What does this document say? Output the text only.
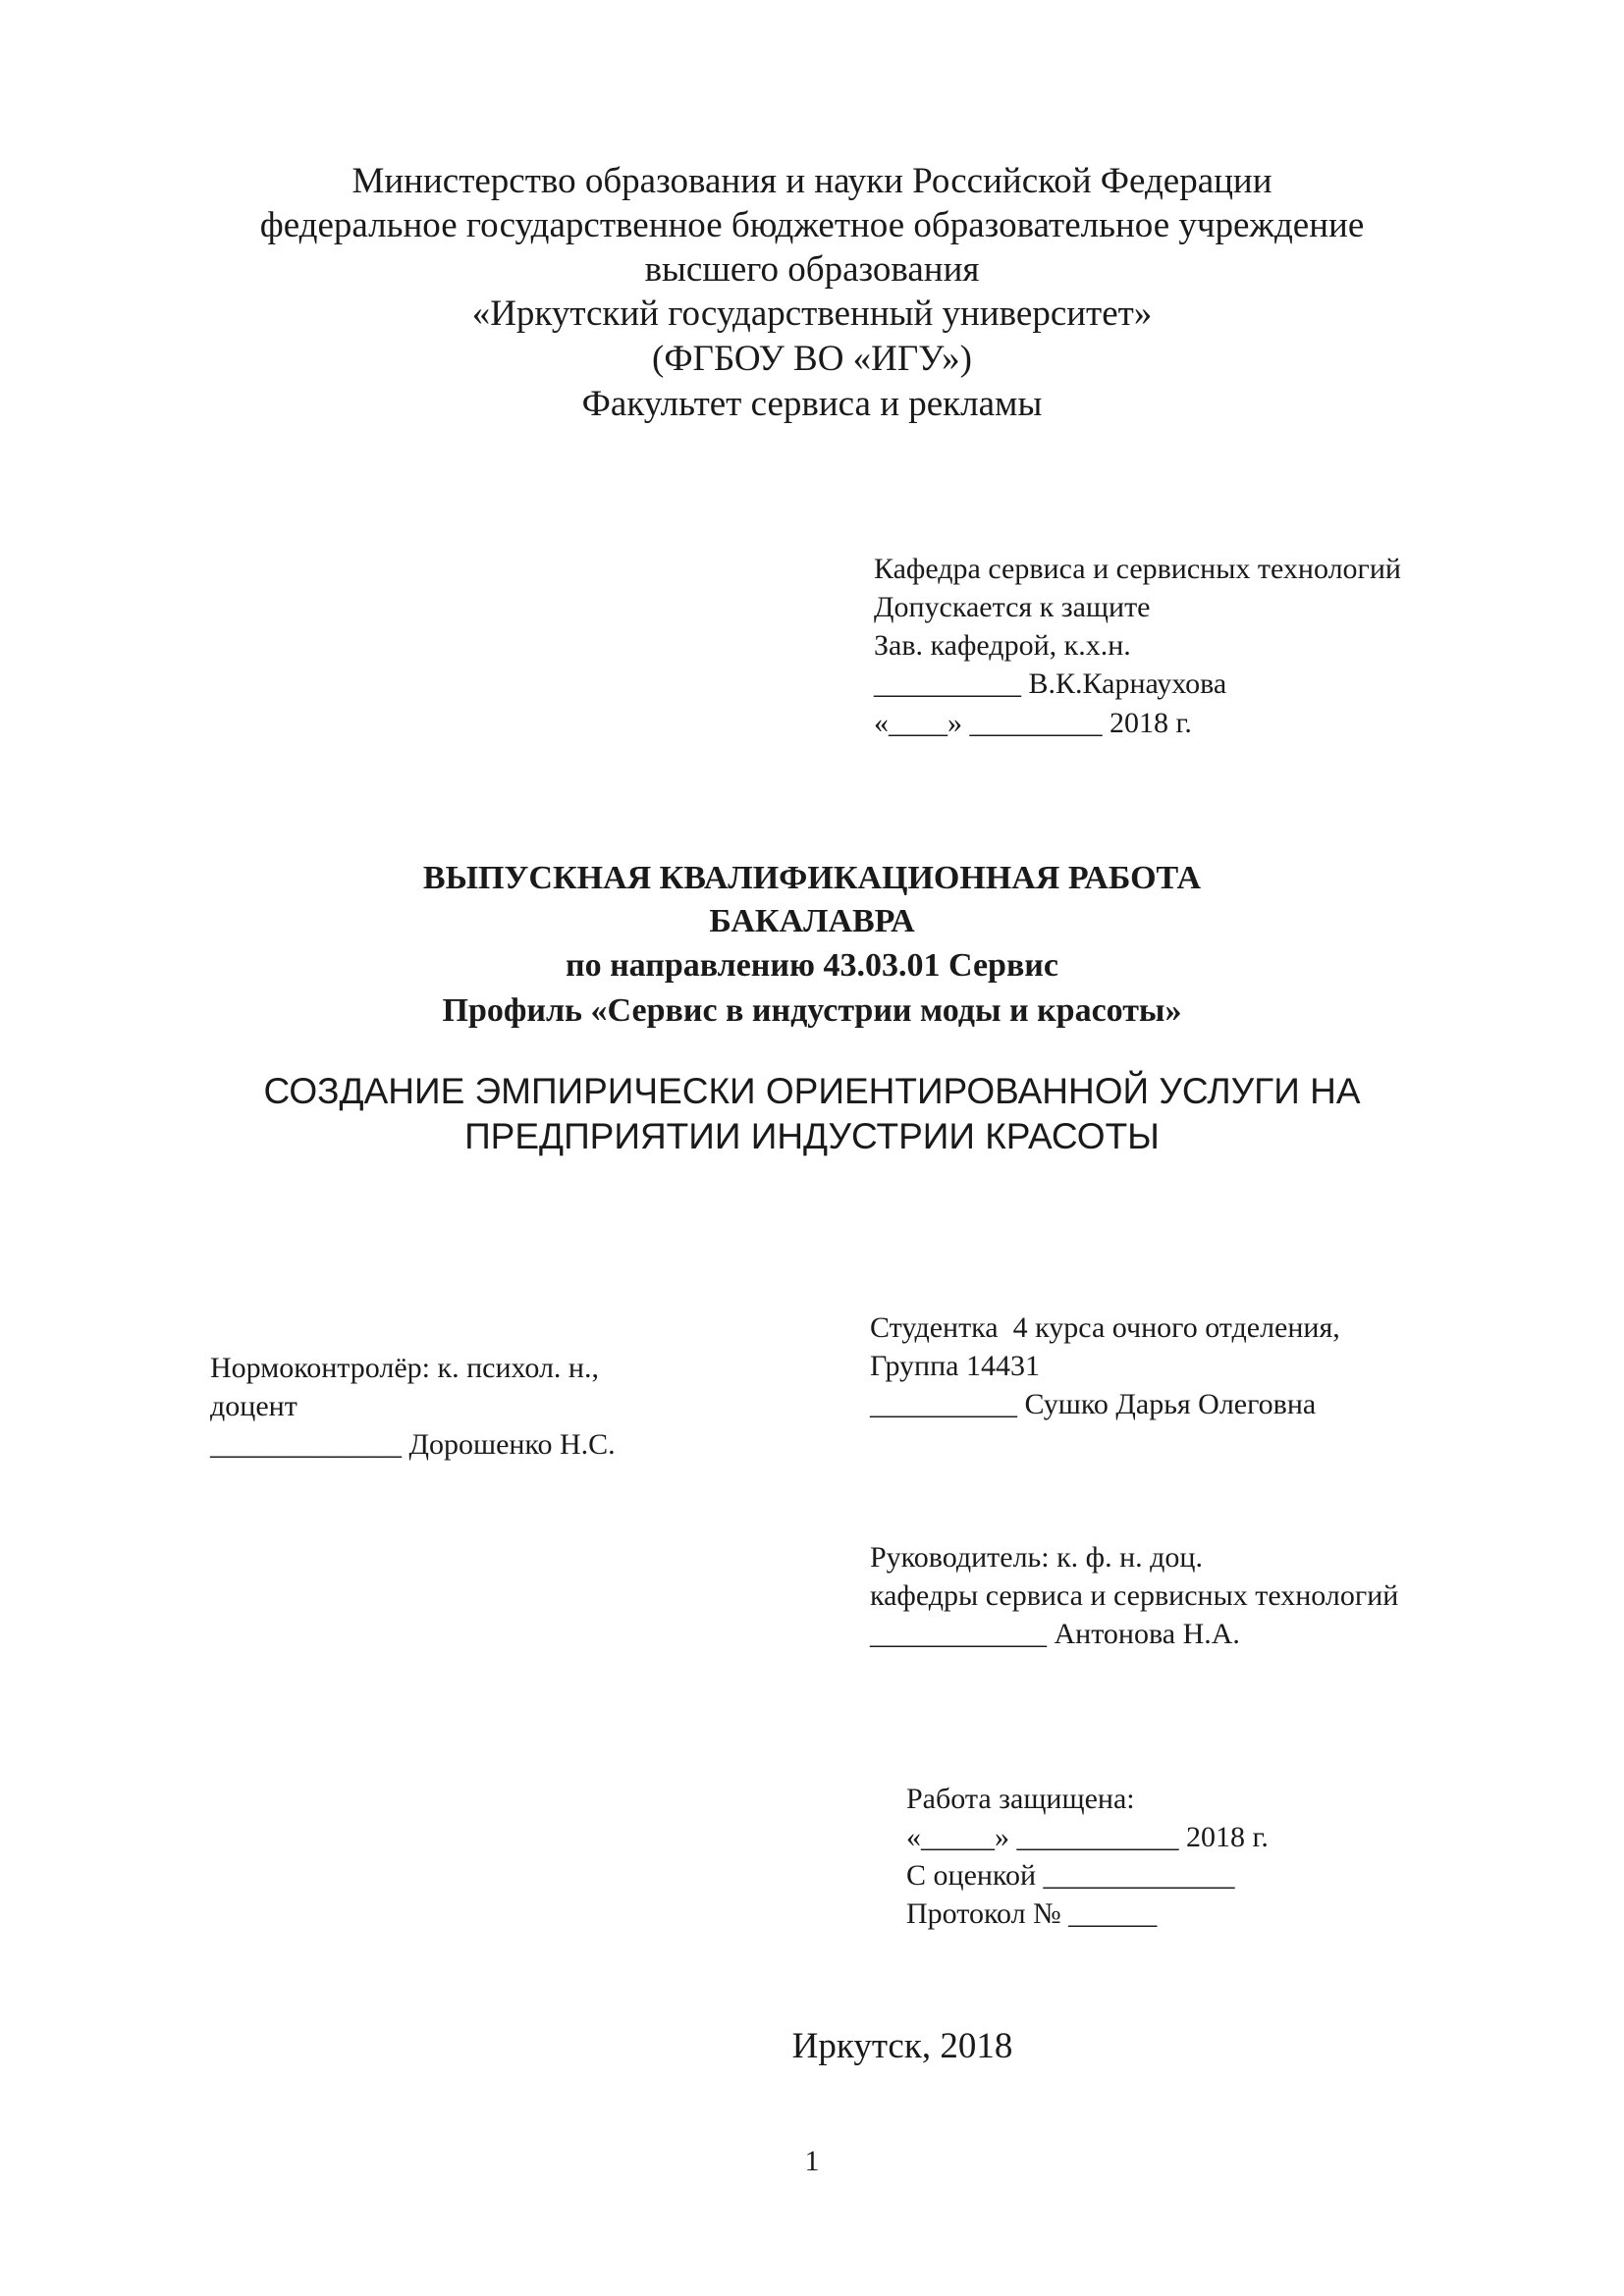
Министерство образования и науки Российской Федерации
федеральное государственное бюджетное образовательное учреждение
высшего образования
«Иркутский государственный университет»
(ФГБОУ ВО «ИГУ»)
Факультет сервиса и рекламы
Кафедра сервиса и сервисных технологий
Допускается к защите
Зав. кафедрой, к.х.н.
__________ В.К.Карнаухова
«____» _________ 2018 г.
ВЫПУСКНАЯ КВАЛИФИКАЦИОННАЯ РАБОТА
БАКАЛАВРА
по направлению 43.03.01 Сервис
Профиль «Сервис в индустрии моды и красоты»
СОЗДАНИЕ ЭМПИРИЧЕСКИ ОРИЕНТИРОВАННОЙ УСЛУГИ НА
ПРЕДПРИЯТИИ ИНДУСТРИИ КРАСОТЫ
Студентка  4 курса очного отделения,
Группа 14431
__________ Сушко Дарья Олеговна
Нормоконтролёр: к. психол. н.,
доцент
_____________ Дорошенко Н.С.
Руководитель: к. ф. н. доц.
кафедры сервиса и сервисных технологий
____________ Антонова Н.А.
Работа защищена:
«_____» ___________ 2018 г.
С оценкой _____________
Протокол № ______
Иркутск, 2018
1
